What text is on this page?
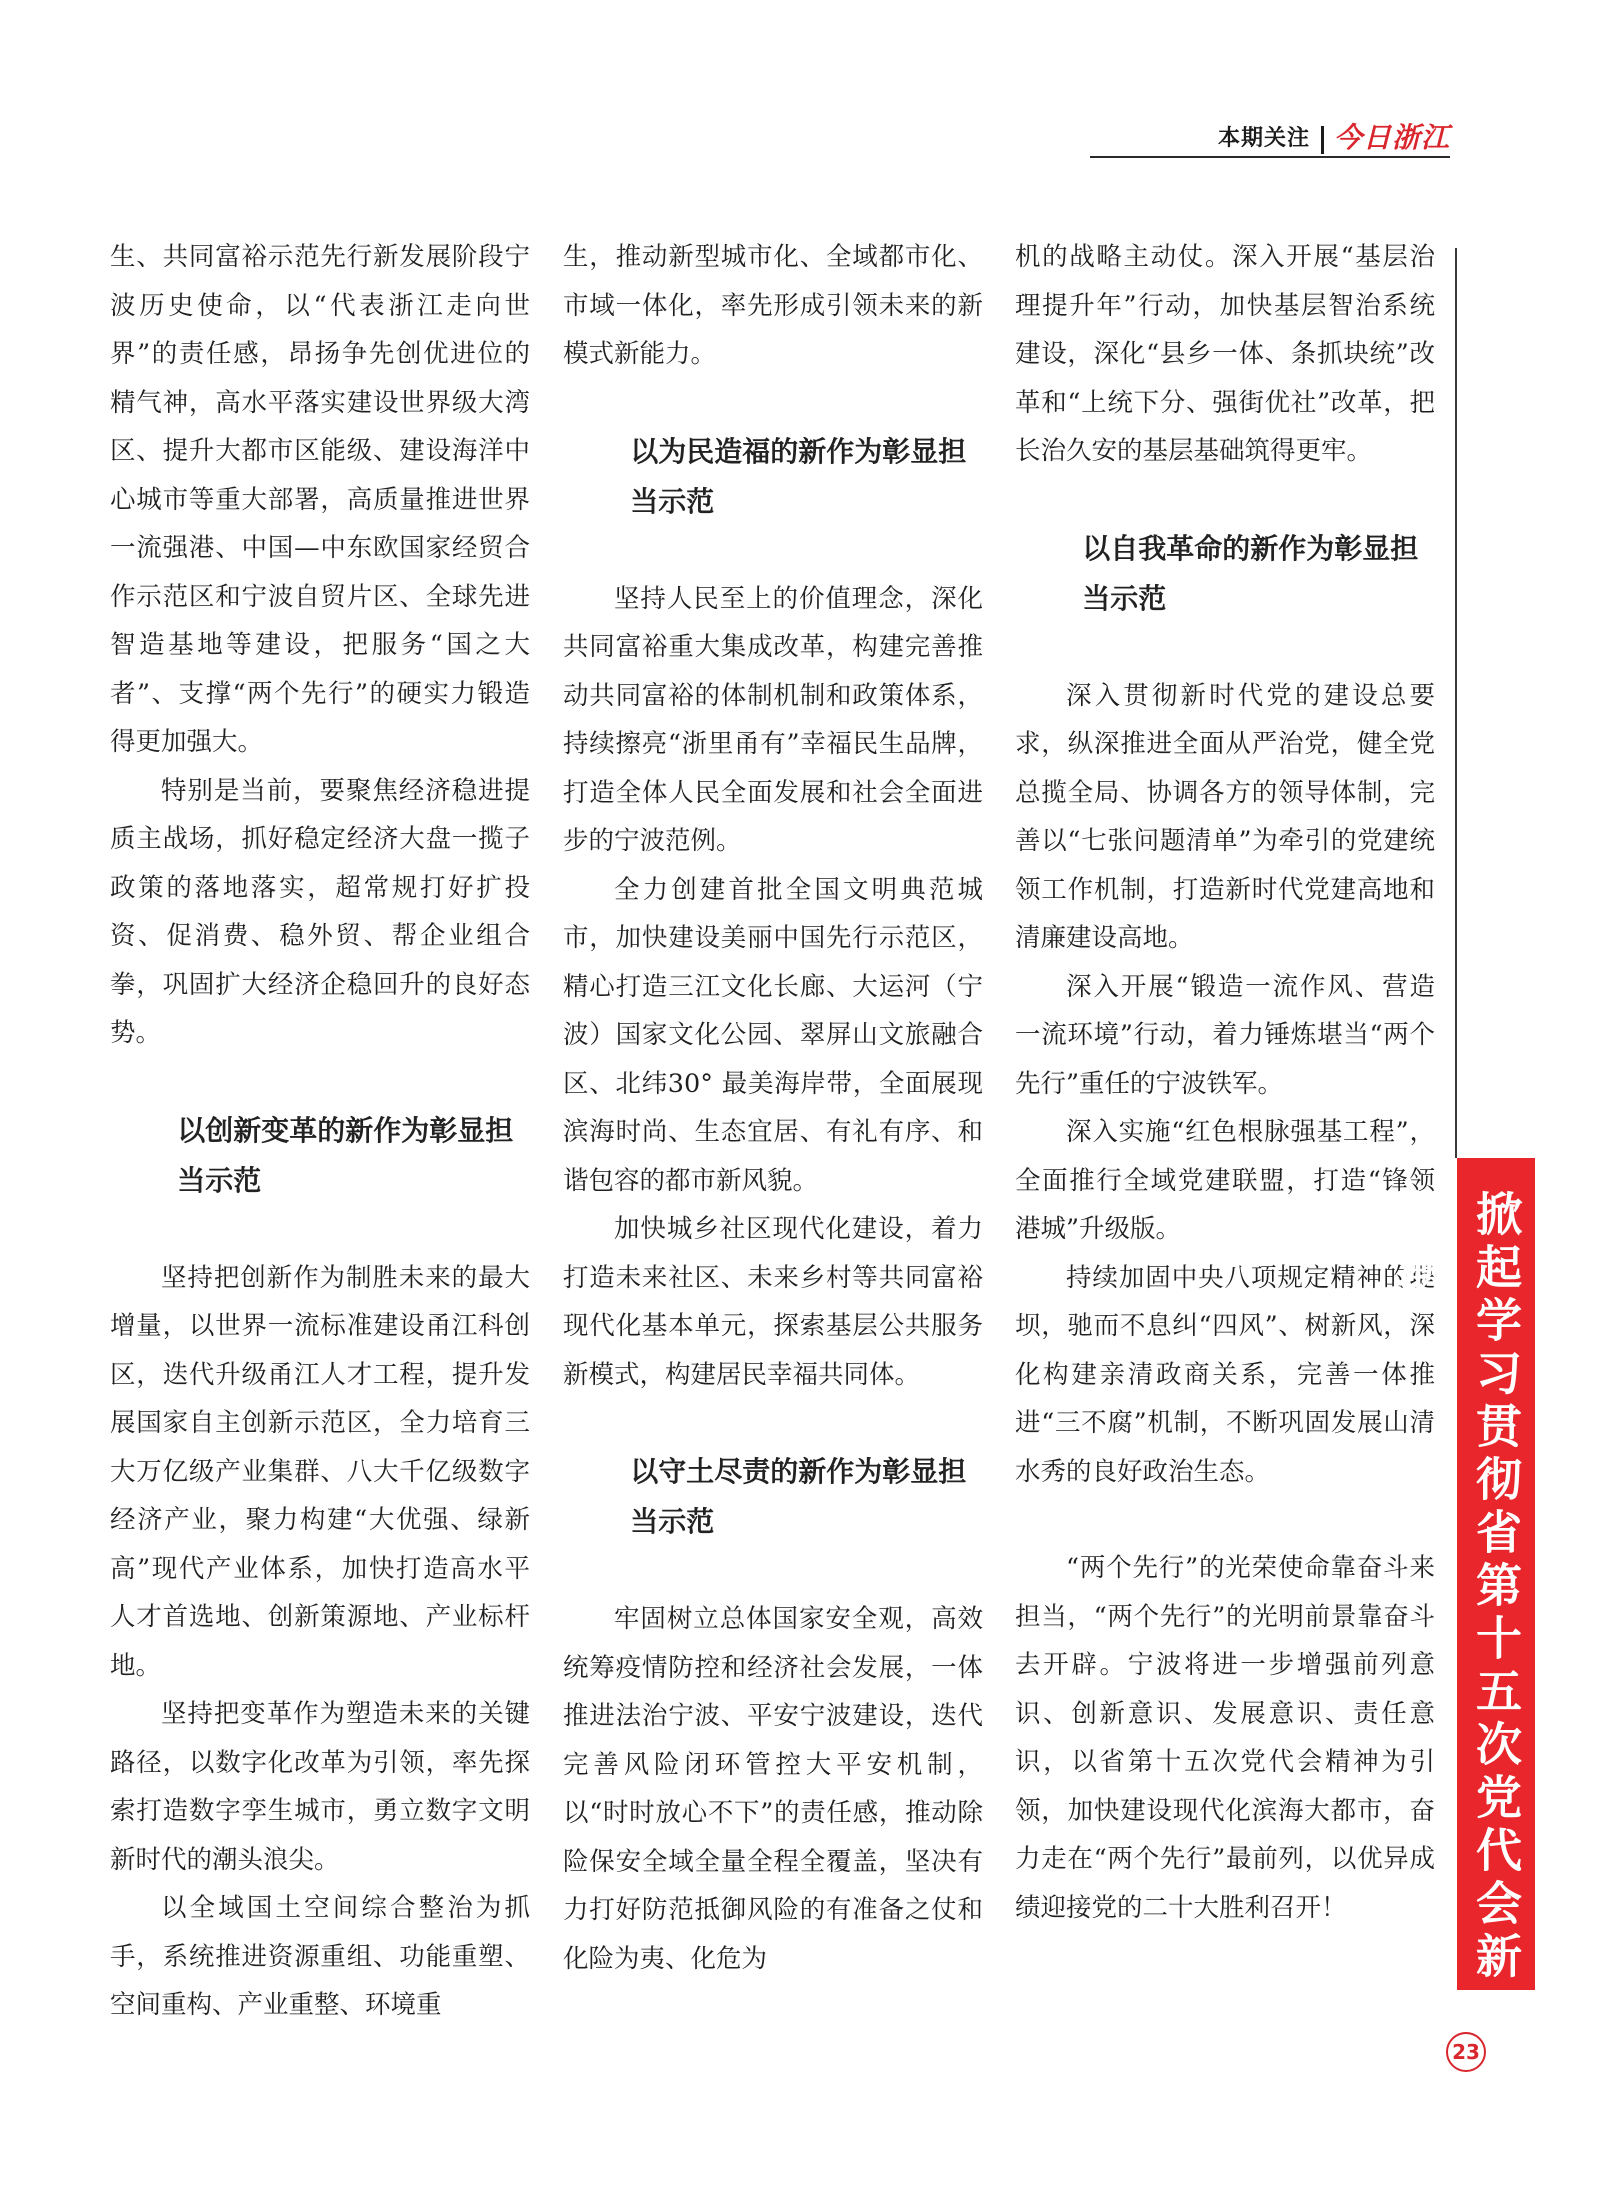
本期关注 今日浙江

生、共同富裕示范先行新发展阶段宁波历史使命，以“代表浙江走向世界”的责任感，昂扬争先创优进位的精气神，高水平落实建设世界级大湾区、提升大都市区能级、建设海洋中心城市等重大部署，高质量推进世界一流强港、中国—中东欧国家经贸合作示范区和宁波自贸片区、全球先进智造基地等建设，把服务“国之大者”、支撑“两个先行”的硬实力锻造得更加强大。

特别是当前，要聚焦经济稳进提质主战场，抓好稳定经济大盘一揽子政策的落地落实，超常规打好扩投资、促消费、稳外贸、帮企业组合拳，巩固扩大经济企稳回升的良好态势。

以创新变革的新作为彰显担当示范

坚持把创新作为制胜未来的最大增量，以世界一流标准建设甬江科创区，迭代升级甬江人才工程，提升发展国家自主创新示范区，全力培育三大万亿级产业集群、八大千亿级数字经济产业，聚力构建“大优强、绿新高”现代产业体系，加快打造高水平人才首选地、创新策源地、产业标杆地。

坚持把变革作为塑造未来的关键路径，以数字化改革为引领，率先探索打造数字孪生城市，勇立数字文明新时代的潮头浪尖。

以全域国土空间综合整治为抓手，系统推进资源重组、功能重塑、空间重构、产业重整、环境重

生，推动新型城市化、全域都市化、市域一体化，率先形成引领未来的新模式新能力。

以为民造福的新作为彰显担当示范

坚持人民至上的价值理念，深化共同富裕重大集成改革，构建完善推动共同富裕的体制机制和政策体系，持续擦亮“浙里甬有”幸福民生品牌，打造全体人民全面发展和社会全面进步的宁波范例。

全力创建首批全国文明典范城市，加快建设美丽中国先行示范区，精心打造三江文化长廊、大运河（宁波）国家文化公园、翠屏山文旅融合区、北纬30° 最美海岸带，全面展现滨海时尚、生态宜居、有礼有序、和谐包容的都市新风貌。

加快城乡社区现代化建设，着力打造未来社区、未来乡村等共同富裕现代化基本单元，探索基层公共服务新模式，构建居民幸福共同体。

以守土尽责的新作为彰显担当示范

牢固树立总体国家安全观，高效统筹疫情防控和经济社会发展，一体推进法治宁波、平安宁波建设，迭代完善风险闭环管控大平安机制，以“时时放心不下”的责任感，推动除险保安全域全量全程全覆盖，坚决有力打好防范抵御风险的有准备之仗和化险为夷、化危为

机的战略主动仗。深入开展“基层治理提升年”行动，加快基层智治系统建设，深化“县乡一体、条抓块统”改革和“上统下分、强街优社”改革，把长治久安的基层基础筑得更牢。

以自我革命的新作为彰显担当示范

深入贯彻新时代党的建设总要求，纵深推进全面从严治党，健全党总揽全局、协调各方的领导体制，完善以“七张问题清单”为牵引的党建统领工作机制，打造新时代党建高地和清廉建设高地。

深入开展“锻造一流作风、营造一流环境”行动，着力锤炼堪当“两个先行”重任的宁波铁军。

深入实施“红色根脉强基工程”，全面推行全域党建联盟，打造“锋领港城”升级版。

持续加固中央八项规定精神的堤坝，驰而不息纠“四风”、树新风，深化构建亲清政商关系，完善一体推进“三不腐”机制，不断巩固发展山清水秀的良好政治生态。

“两个先行”的光荣使命靠奋斗来担当，“两个先行”的光明前景靠奋斗去开辟。宁波将进一步增强前列意识、创新意识、发展意识、责任意识，以省第十五次党代会精神为引领，加快建设现代化滨海大都市，奋力走在“两个先行”最前列，以优异成绩迎接党的二十大胜利召开！	掀起学习贯彻省第十五次党代会新热潮
23
